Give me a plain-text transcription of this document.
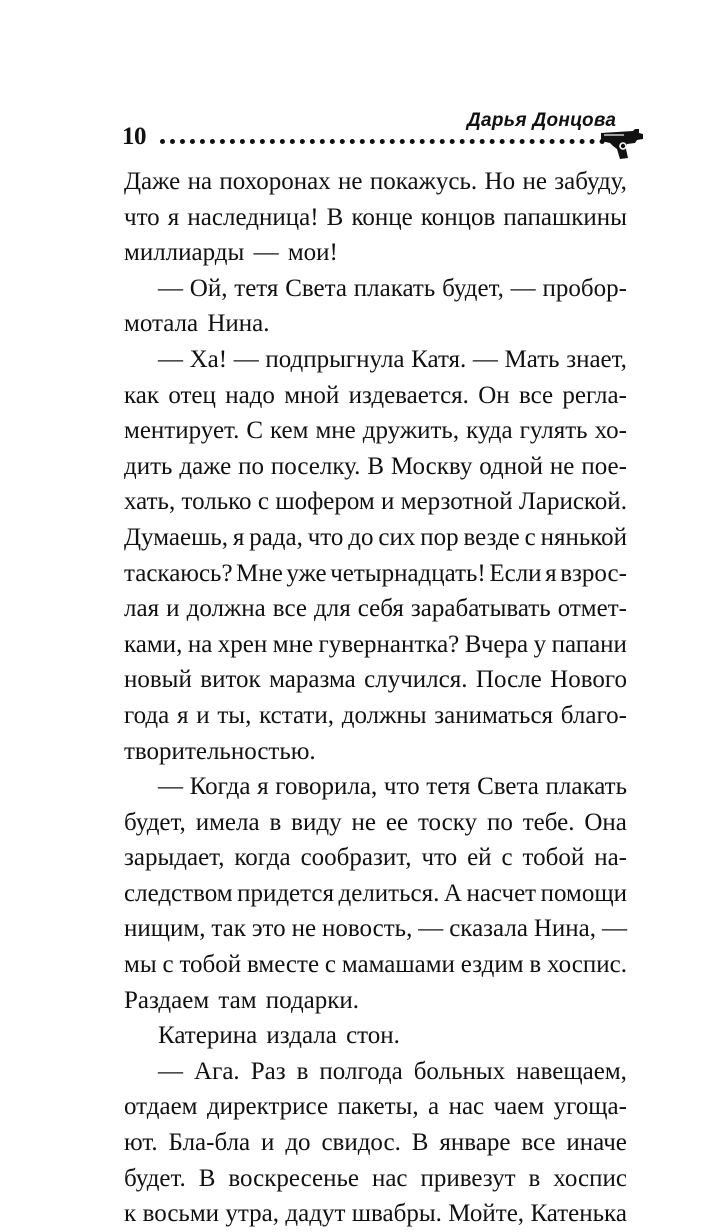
10
Дарья Донцова
Даже на похоронах не покажусь. Но не забуду,
что я наследница! В конце концов папашкины
миллиарды — мои!
— Ой, тетя Света плакать будет, — пробор-
мотала Нина.
— Ха! — подпрыгнула Катя. — Мать знает,
как отец надо мной издевается. Он все регла-
ментирует. С кем мне дружить, куда гулять хо-
дить даже по поселку. В Москву одной не пое-
хать, только с шофером и мерзотной Лариской.
Думаешь, я рада, что до сих пор везде с нянькой
таскаюсь? Мне уже четырнадцать! Если я взрос-
лая и должна все для себя зарабатывать отмет-
ками, на хрен мне гувернантка? Вчера у папани
новый виток маразма случился. После Нового
года я и ты, кстати, должны заниматься благо-
творительностью.
— Когда я говорила, что тетя Света плакать
будет, имела в виду не ее тоску по тебе. Она
зарыдает, когда сообразит, что ей с тобой на-
следством придется делиться. А насчет помощи
нищим, так это не новость, — сказала Нина, —
мы с тобой вместе с мамашами ездим в хоспис.
Раздаем там подарки.
Катерина издала стон.
— Ага. Раз в полгода больных навещаем,
отдаем директрисе пакеты, а нас чаем угоща-
ют. Бла-бла и до свидос. В январе все иначе
будет. В воскресенье нас привезут в хоспис
к восьми утра, дадут швабры. Мойте, Катенька
